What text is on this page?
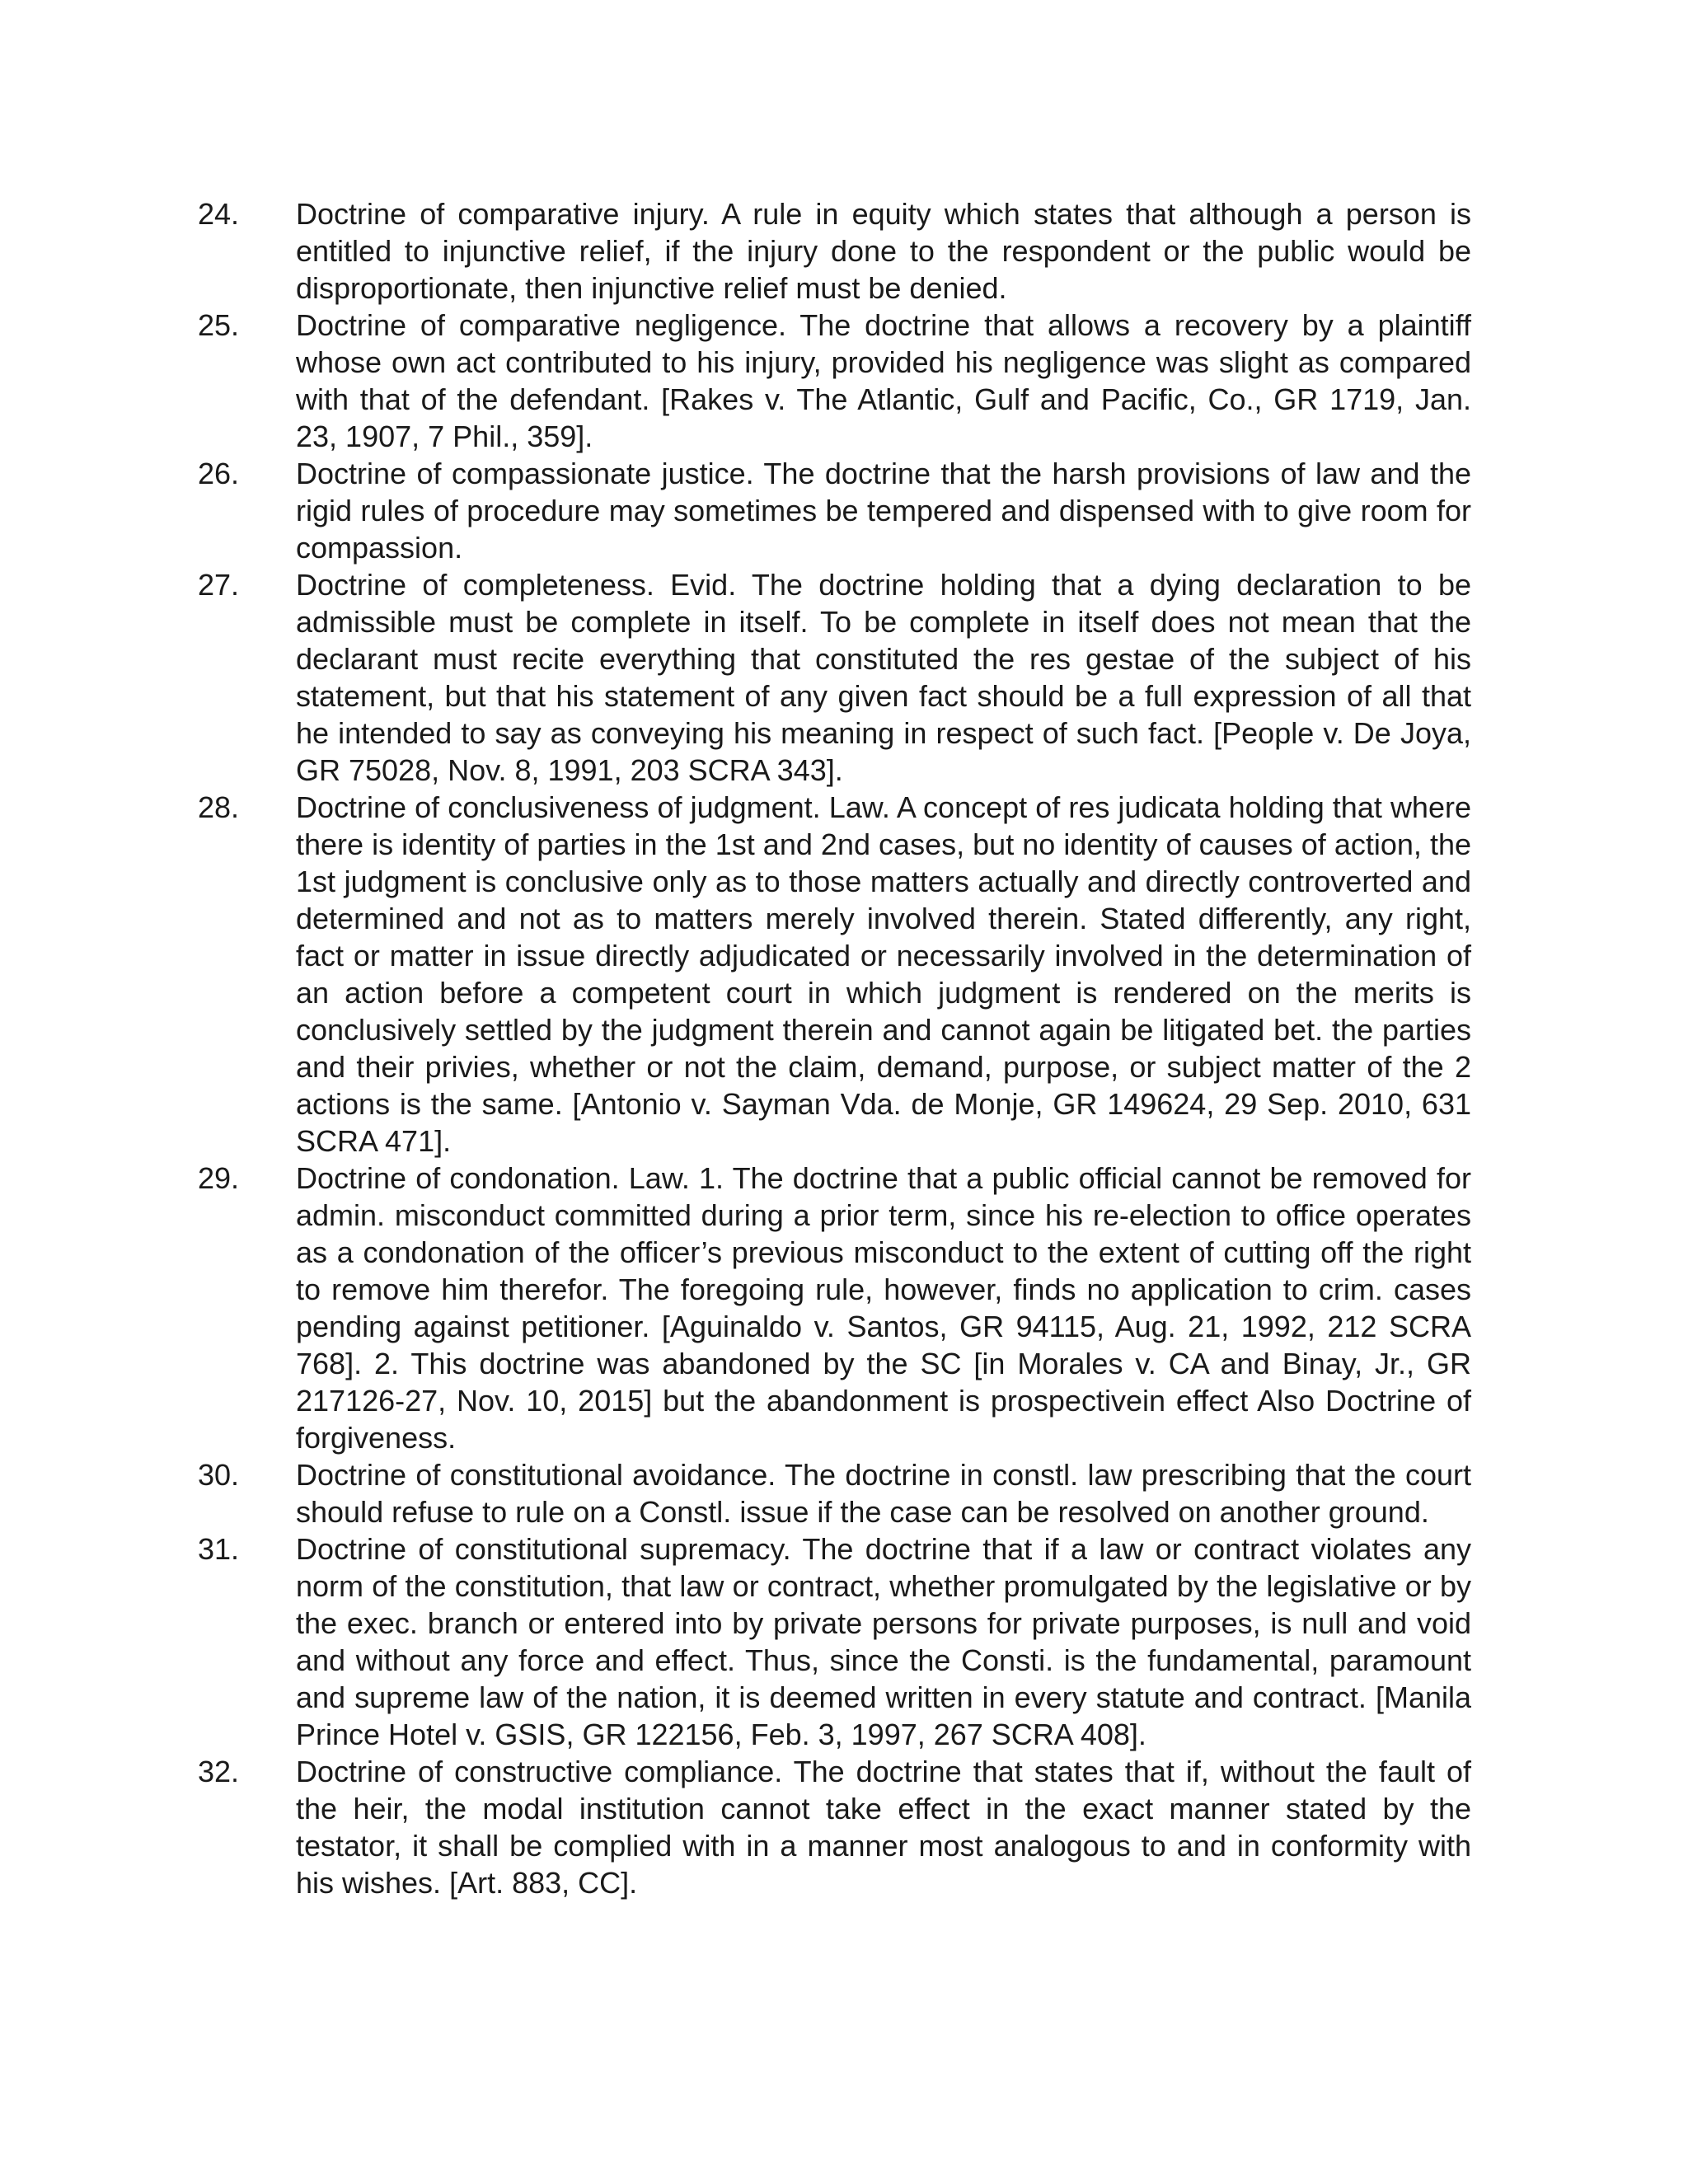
24.	Doctrine of comparative injury. A rule in equity which states that although a person is entitled to injunctive relief, if the injury done to the respondent or the public would be disproportionate, then injunctive relief must be denied.
25.	Doctrine of comparative negligence. The doctrine that allows a recovery by a plaintiff whose own act contributed to his injury, provided his negligence was slight as compared with that of the defendant. [Rakes v. The Atlantic, Gulf and Pacific, Co., GR 1719, Jan. 23, 1907, 7 Phil., 359].
26.	Doctrine of compassionate justice. The doctrine that the harsh provisions of law and the rigid rules of procedure may sometimes be tempered and dispensed with to give room for compassion.
27.	Doctrine of completeness. Evid. The doctrine holding that a dying declaration to be admissible must be complete in itself. To be complete in itself does not mean that the declarant must recite everything that constituted the res gestae of the subject of his statement, but that his statement of any given fact should be a full expression of all that he intended to say as conveying his meaning in respect of such fact. [People v. De Joya, GR 75028, Nov. 8, 1991, 203 SCRA 343].
28.	Doctrine of conclusiveness of judgment. Law. A concept of res judicata holding that where there is identity of parties in the 1st and 2nd cases, but no identity of causes of action, the 1st judgment is conclusive only as to those matters actually and directly controverted and determined and not as to matters merely involved therein. Stated differently, any right, fact or matter in issue directly adjudicated or necessarily involved in the determination of an action before a competent court in which judgment is rendered on the merits is conclusively settled by the judgment therein and cannot again be litigated bet. the parties and their privies, whether or not the claim, demand, purpose, or subject matter of the 2 actions is the same. [Antonio v. Sayman Vda. de Monje, GR 149624, 29 Sep. 2010, 631 SCRA 471].
29.	Doctrine of condonation. Law. 1. The doctrine that a public official cannot be removed for admin. misconduct committed during a prior term, since his re-election to office operates as a condonation of the officer’s previous misconduct to the extent of cutting off the right to remove him therefor. The foregoing rule, however, finds no application to crim. cases pending against petitioner. [Aguinaldo v. Santos, GR 94115, Aug. 21, 1992, 212 SCRA 768]. 2. This doctrine was abandoned by the SC [in Morales v. CA and Binay, Jr., GR 217126-27, Nov. 10, 2015] but the abandonment is prospectivein effect Also Doctrine of forgiveness.
30.	Doctrine of constitutional avoidance. The doctrine in constl. law prescribing that the court should refuse to rule on a Constl. issue if the case can be resolved on another ground.
31.	Doctrine of constitutional supremacy. The doctrine that if a law or contract violates any norm of the constitution, that law or contract, whether promulgated by the legislative or by the exec. branch or entered into by private persons for private purposes, is null and void and without any force and effect. Thus, since the Consti. is the fundamental, paramount and supreme law of the nation, it is deemed written in every statute and contract. [Manila Prince Hotel v. GSIS, GR 122156, Feb. 3, 1997, 267 SCRA 408].
32.	Doctrine of constructive compliance. The doctrine that states that if, without the fault of the heir, the modal institution cannot take effect in the exact manner stated by the testator, it shall be complied with in a manner most analogous to and in conformity with his wishes. [Art. 883, CC].
